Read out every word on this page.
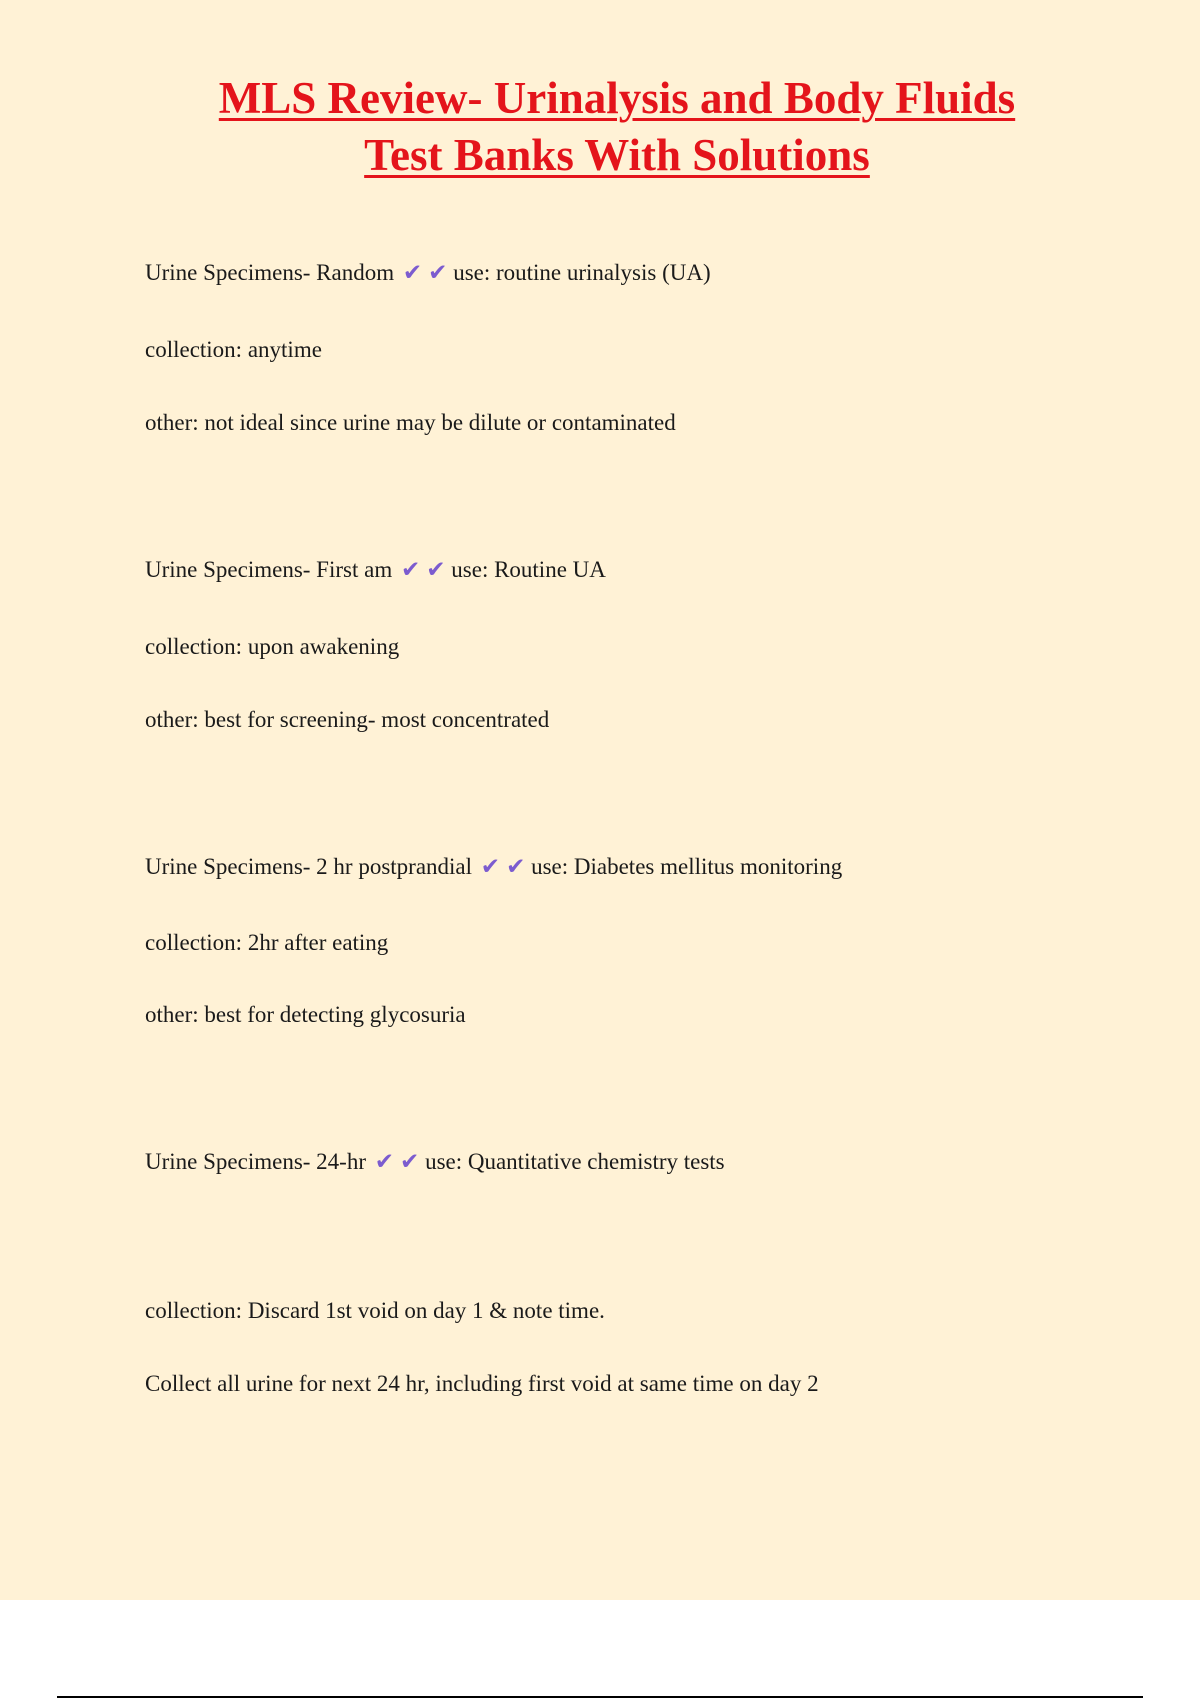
MLS Review- Urinalysis and Body Fluids
Test Banks With Solutions

Urine Specimens- Random ✔ ✔ use: routine urinalysis (UA)

collection: anytime

other: not ideal since urine may be dilute or contaminated

Urine Specimens- First am ✔ ✔ use: Routine UA

collection: upon awakening

other: best for screening- most concentrated

Urine Specimens- 2 hr postprandial ✔ ✔ use: Diabetes mellitus monitoring

collection: 2hr after eating

other: best for detecting glycosuria

Urine Specimens- 24-hr ✔ ✔ use: Quantitative chemistry tests

collection: Discard 1st void on day 1 & note time.

Collect all urine for next 24 hr, including first void at same time on day 2
